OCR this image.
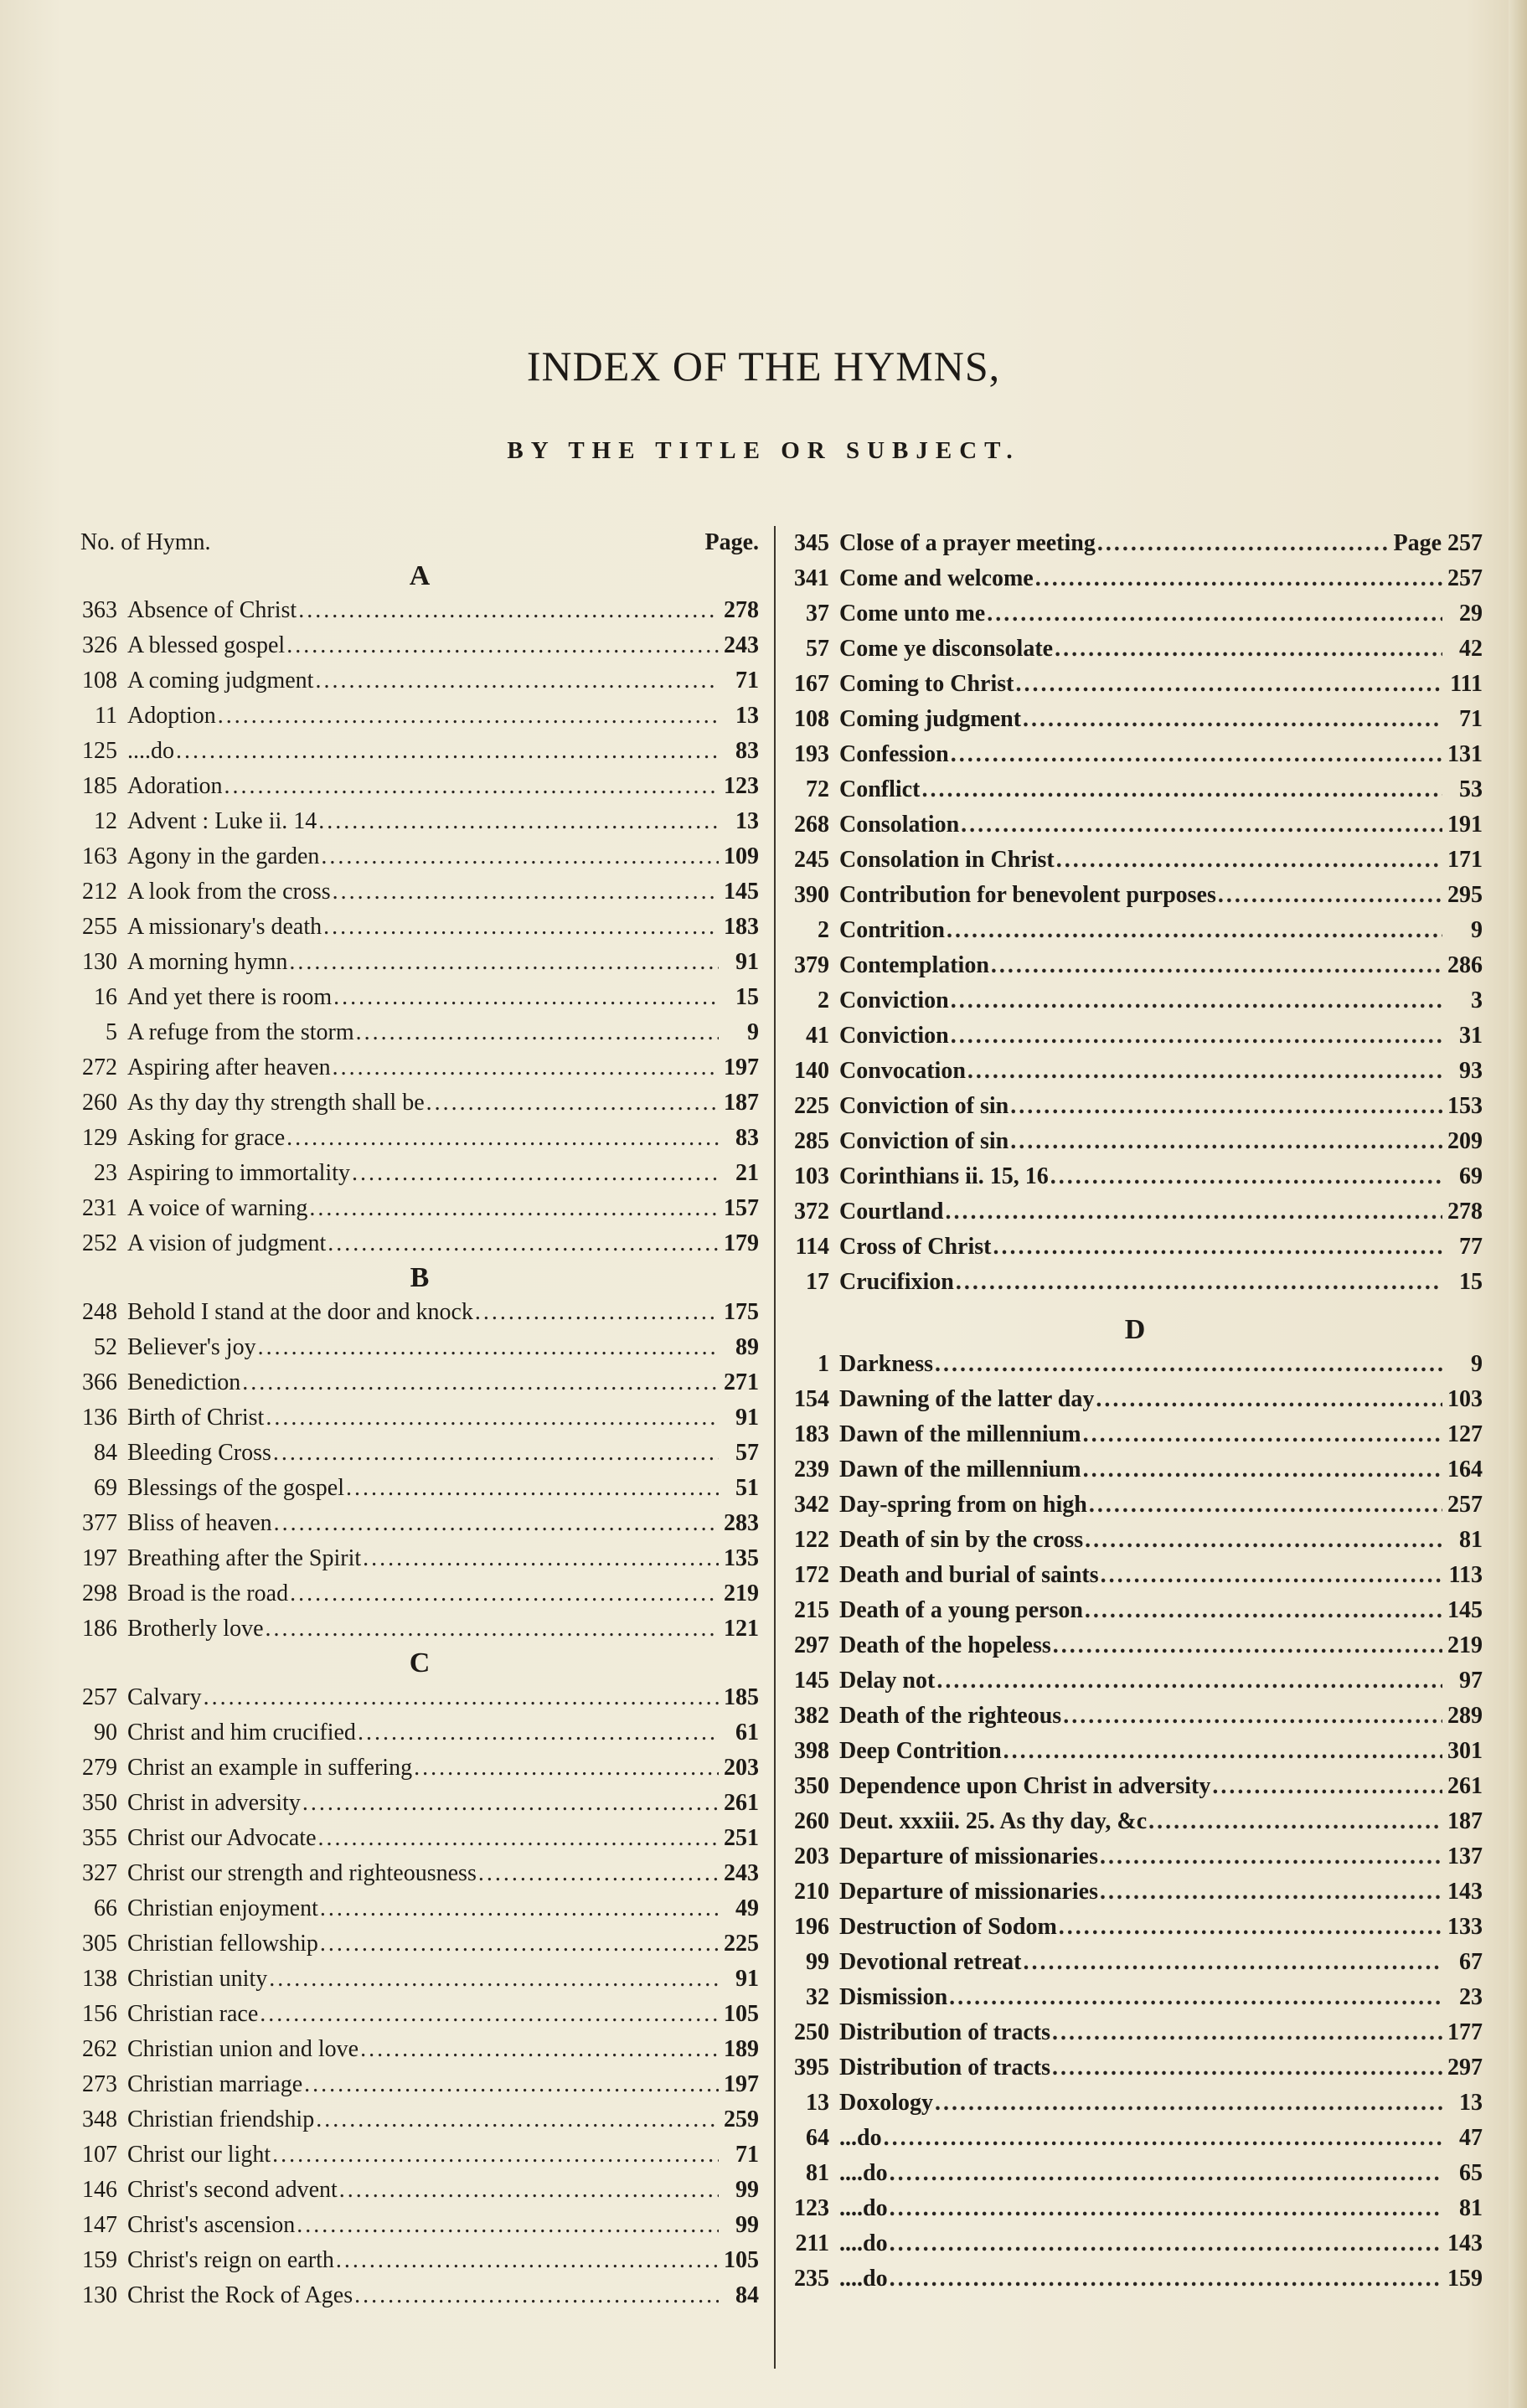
INDEX OF THE HYMNS,
BY THE TITLE OR SUBJECT.
No. of Hymn.	Page.
A
363 Absence of Christ .....	278
326 A blessed gospel .....	243
108 A coming judgment .....	71
11 Adoption .....	13
125 ....do .....	83
185 Adoration .....	123
12 Advent : Luke ii. 14 .....	13
163 Agony in the garden .....	109
212 A look from the cross .....	145
255 A missionary's death .....	183
130 A morning hymn .....	91
16 And yet there is room .....	15
5 A refuge from the storm .....	9
272 Aspiring after heaven .....	197
260 As thy day thy strength shall be .....	187
129 Asking for grace .....	83
23 Aspiring to immortality .....	21
231 A voice of warning .....	157
252 A vision of judgment .....	179
B
248 Behold I stand at the door and knock .....	175
52 Believer's joy .....	89
366 Benediction .....	271
136 Birth of Christ .....	91
84 Bleeding Cross .....	57
69 Blessings of the gospel .....	51
377 Bliss of heaven .....	283
197 Breathing after the Spirit .....	135
298 Broad is the road .....	219
186 Brotherly love .....	121
C
257 Calvary .....	185
90 Christ and him crucified .....	61
279 Christ an example in suffering .....	203
350 Christ in adversity .....	261
355 Christ our Advocate .....	251
327 Christ our strength and righteousness .....	243
66 Christian enjoyment .....	49
305 Christian fellowship .....	225
138 Christian unity .....	91
156 Christian race .....	105
262 Christian union and love .....	189
273 Christian marriage .....	197
348 Christian friendship .....	259
107 Christ our light .....	71
146 Christ's second advent .....	99
147 Christ's ascension .....	99
159 Christ's reign on earth .....	105
130 Christ the Rock of Ages .....	84
345 Close of a prayer meeting .....	Page 257
341 Come and welcome .....	257
37 Come unto me .....	29
57 Come ye disconsolate .....	42
167 Coming to Christ .....	111
108 Coming judgment .....	71
193 Confession .....	131
72 Conflict .....	53
268 Consolation .....	191
245 Consolation in Christ .....	171
390 Contribution for benevolent purposes .....	295
2 Contrition .....	9
379 Contemplation .....	286
2 Conviction .....	3
41 Conviction .....	31
140 Convocation .....	93
225 Conviction of sin .....	153
285 Conviction of sin .....	209
103 Corinthians ii. 15, 16 .....	69
372 Courtland .....	278
114 Cross of Christ .....	77
17 Crucifixion .....	15
D
1 Darkness .....	9
154 Dawning of the latter day .....	103
183 Dawn of the millennium .....	127
239 Dawn of the millennium .....	164
342 Day-spring from on high .....	257
122 Death of sin by the cross .....	81
172 Death and burial of saints .....	113
215 Death of a young person .....	145
297 Death of the hopeless .....	219
145 Delay not .....	97
382 Death of the righteous .....	289
398 Deep Contrition .....	301
350 Dependence upon Christ in adversity .....	261
260 Deut. xxxiii. 25. As thy day, &c .....	187
203 Departure of missionaries .....	137
210 Departure of missionaries .....	143
196 Destruction of Sodom .....	133
99 Devotional retreat .....	67
32 Dismission .....	23
250 Distribution of tracts .....	177
395 Distribution of tracts .....	297
13 Doxology .....	13
64 ...do .....	47
81 ....do .....	65
123 ....do .....	81
211 ....do .....	143
235 ....do .....	159
